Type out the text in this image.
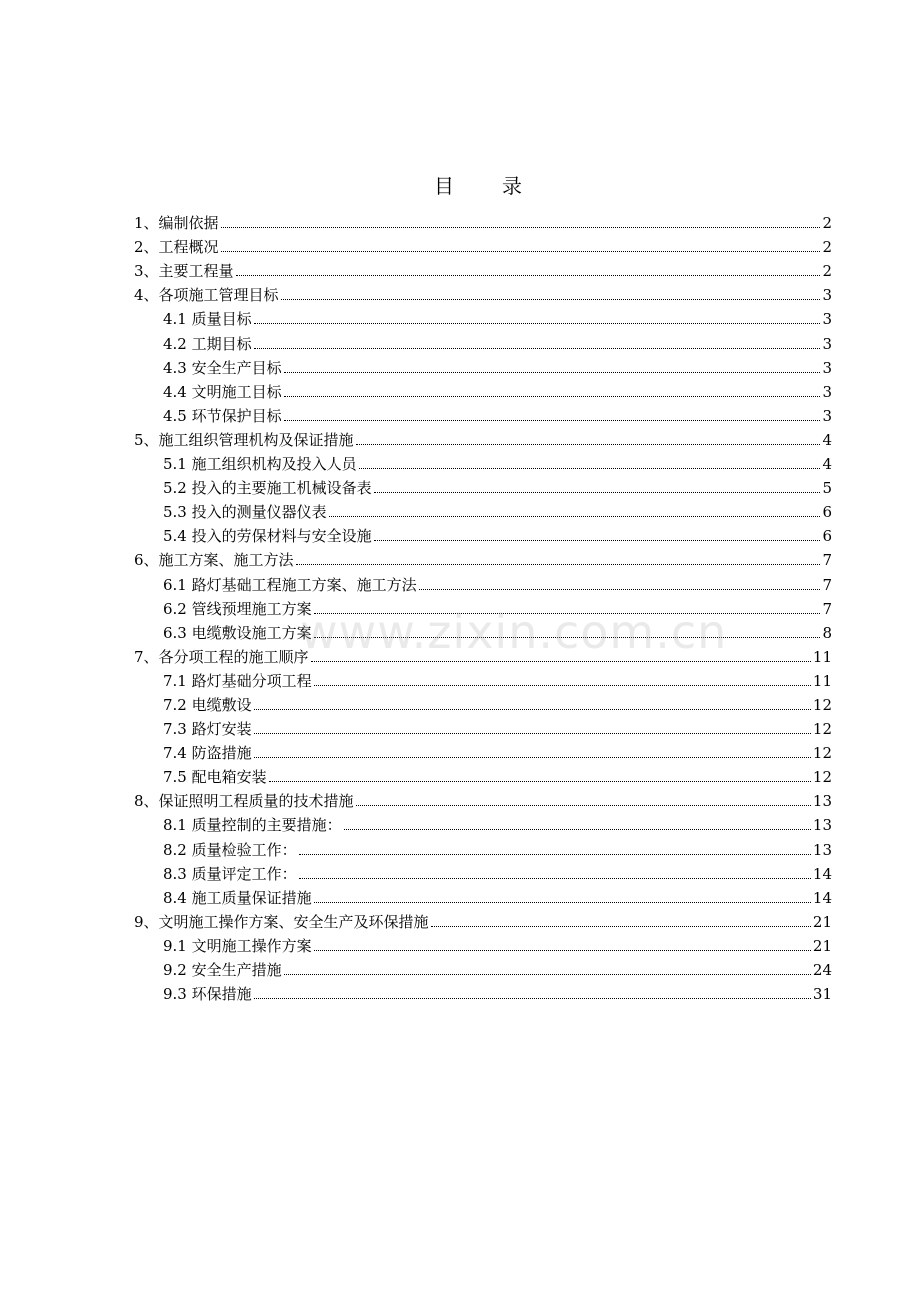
目 录
1、编制依据	2
2、工程概况	2
3、主要工程量	2
4、各项施工管理目标	3
4.1 质量目标	3
4.2 工期目标	3
4.3 安全生产目标	3
4.4 文明施工目标	3
4.5 环节保护目标	3
5、施工组织管理机构及保证措施	4
5.1 施工组织机构及投入人员	4
5.2 投入的主要施工机械设备表	5
5.3 投入的测量仪器仪表	6
5.4 投入的劳保材料与安全设施	6
6、施工方案、施工方法	7
6.1 路灯基础工程施工方案、施工方法	7
6.2 管线预埋施工方案	7
6.3 电缆敷设施工方案	8
7、各分项工程的施工顺序	11
7.1 路灯基础分项工程	11
7.2 电缆敷设	12
7.3 路灯安装	12
7.4 防盗措施	12
7.5 配电箱安装	12
8、保证照明工程质量的技术措施	13
8.1 质量控制的主要措施：	13
8.2 质量检验工作：	13
8.3 质量评定工作：	14
8.4 施工质量保证措施	14
9、文明施工操作方案、安全生产及环保措施	21
9.1 文明施工操作方案	21
9.2 安全生产措施	24
9.3 环保措施	31
www.zixin.com.cn
